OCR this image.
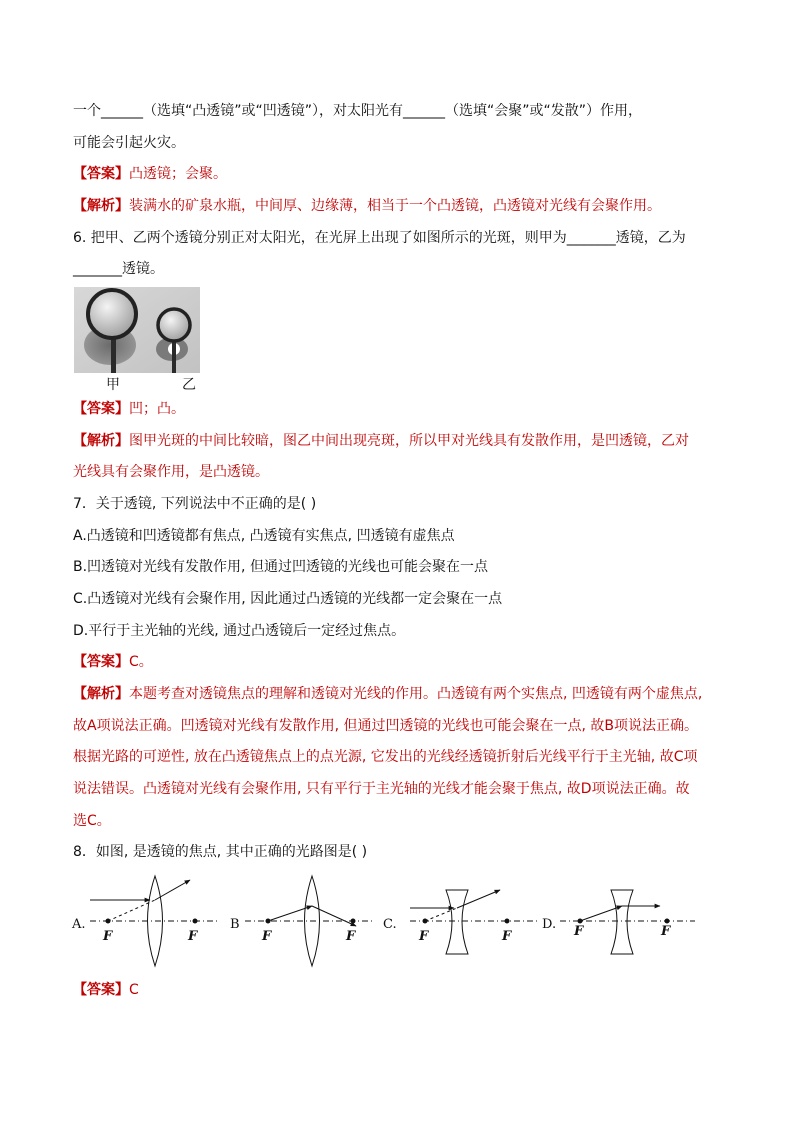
一个______（选填“凸透镜”或“凹透镜”），对太阳光有______（选填“会聚”或“发散”）作用，
可能会引起火灾。
【答案】凸透镜；会聚。
【解析】装满水的矿泉水瓶，中间厚、边缘薄，相当于一个凸透镜，凸透镜对光线有会聚作用。
6. 把甲、乙两个透镜分别正对太阳光，在光屏上出现了如图所示的光斑，则甲为_______透镜，乙为
_______透镜。
甲	乙
【答案】凹；凸。
【解析】图甲光斑的中间比较暗，图乙中间出现亮斑，所以甲对光线具有发散作用，是凹透镜，乙对
光线具有会聚作用，是凸透镜。
7．关于透镜, 下列说法中不正确的是( )
A.凸透镜和凹透镜都有焦点, 凸透镜有实焦点, 凹透镜有虚焦点
B.凹透镜对光线有发散作用, 但通过凹透镜的光线也可能会聚在一点
C.凸透镜对光线有会聚作用, 因此通过凸透镜的光线都一定会聚在一点
D.平行于主光轴的光线, 通过凸透镜后一定经过焦点。
【答案】C。
【解析】本题考查对透镜焦点的理解和透镜对光线的作用。凸透镜有两个实焦点, 凹透镜有两个虚焦点,
故A项说法正确。凹透镜对光线有发散作用, 但通过凹透镜的光线也可能会聚在一点, 故B项说法正确。
根据光路的可逆性, 放在凸透镜焦点上的点光源, 它发出的光线经透镜折射后光线平行于主光轴, 故C项
说法错误。凸透镜对光线有会聚作用, 只有平行于主光轴的光线才能会聚于焦点, 故D项说法正确。故
选C。
8．如图, 是透镜的焦点, 其中正确的光路图是( )
A.	B	C.	D.
F	F	F	F	F	F	F	F
【答案】C
